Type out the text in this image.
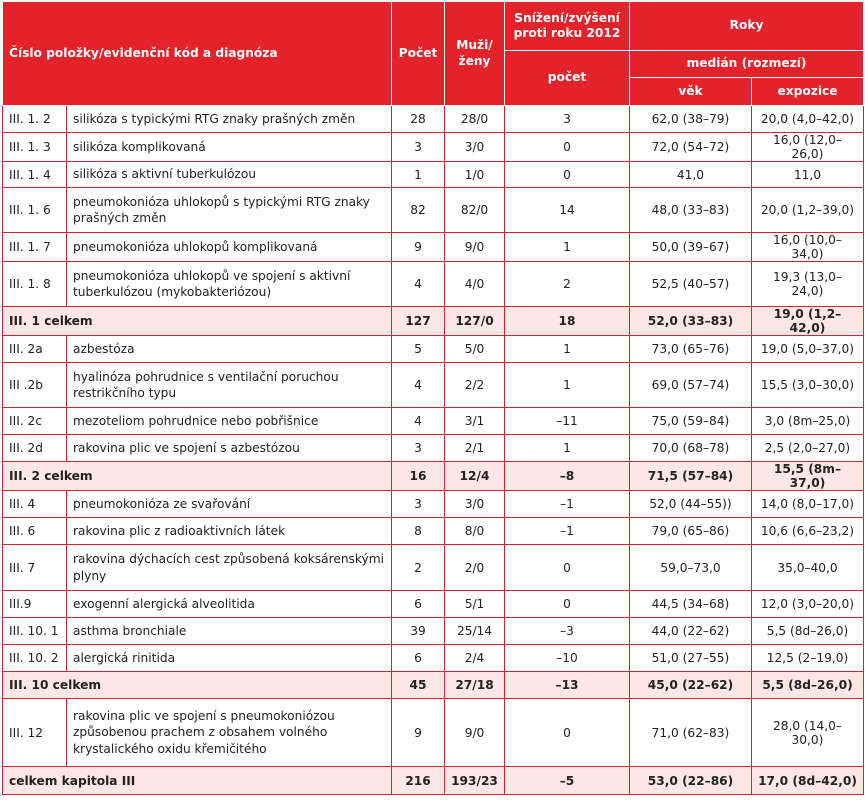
Číslo položky/evidenční kód a diagnóza		Počet	Muži/
ženy	Snížení/zvýšení proti roku 2012	Roky	
				počet	medián (rozmezí)	
					věk	expozice
III. 1. 2	silikóza s typickými RTG znaky prašných změn	28	28/0	3	62,0 (38–79)	20,0 (4,0–42,0)
III. 1. 3	silikóza komplikovaná	3	3/0	0	72,0 (54–72)	16,0 (12,0–26,0)
III. 1. 4	silikóza s aktivní tuberkulózou	1	1/0	0	41,0	11,0
III. 1. 6	pneumokonióza uhlokopů s typickými RTG znaky prašných změn	82	82/0	14	48,0 (33–83)	20,0 (1,2–39,0)
III. 1. 7	pneumokonióza uhlokopů komplikovaná	9	9/0	1	50,0 (39–67)	16,0 (10,0–34,0)
III. 1. 8	pneumokonióza uhlokopů ve spojení s aktivní tuberkulózou (mykobakteriózou)	4	4/0	2	52,5 (40–57)	19,3 (13,0–24,0)
III. 1 celkem		127	127/0	18	52,0 (33–83)	19,0 (1,2–42,0)
III. 2a	azbestóza	5	5/0	1	73,0 (65–76)	19,0 (5,0–37,0)
III .2b	hyalinóza pohrudnice s ventilační poruchou restrikčního typu	4	2/2	1	69,0 (57–74)	15,5 (3,0–30,0)
III. 2c	mezoteliom pohrudnice nebo pobřišnice	4	3/1	–11	75,0 (59–84)	3,0 (8m–25,0)
III. 2d	rakovina plic ve spojení s azbestózou	3	2/1	1	70,0 (68–78)	2,5 (2,0–27,0)
III. 2 celkem		16	12/4	–8	71,5 (57–84)	15,5 (8m–37,0)
III. 4	pneumokonióza ze svařování	3	3/0	–1	52,0 (44–55))	14,0 (8,0–17,0)
III. 6	rakovina plic z radioaktivních látek	8	8/0	–1	79,0 (65–86)	10,6 (6,6–23,2)
III. 7	rakovina dýchacích cest způsobená koksárenskými plyny	2	2/0	0	59,0–73,0	35,0–40,0
III.9	exogenní alergická alveolitida	6	5/1	0	44,5 (34–68)	12,0 (3,0–20,0)
III. 10. 1	asthma bronchiale	39	25/14	–3	44,0 (22–62)	5,5 (8d–26,0)
III. 10. 2	alergická rinitida	6	2/4	–10	51,0 (27–55)	12,5 (2–19,0)
III. 10 celkem		45	27/18	–13	45,0 (22–62)	5,5 (8d–26,0)
III. 12	rakovina plic ve spojení s pneumokoniózou způsobenou prachem z obsahem volného krystalického oxidu křemičitého	9	9/0	0	71,0 (62–83)	28,0 (14,0–30,0)
celkem kapitola III		216	193/23	–5	53,0 (22–86)	17,0 (8d–42,0)
